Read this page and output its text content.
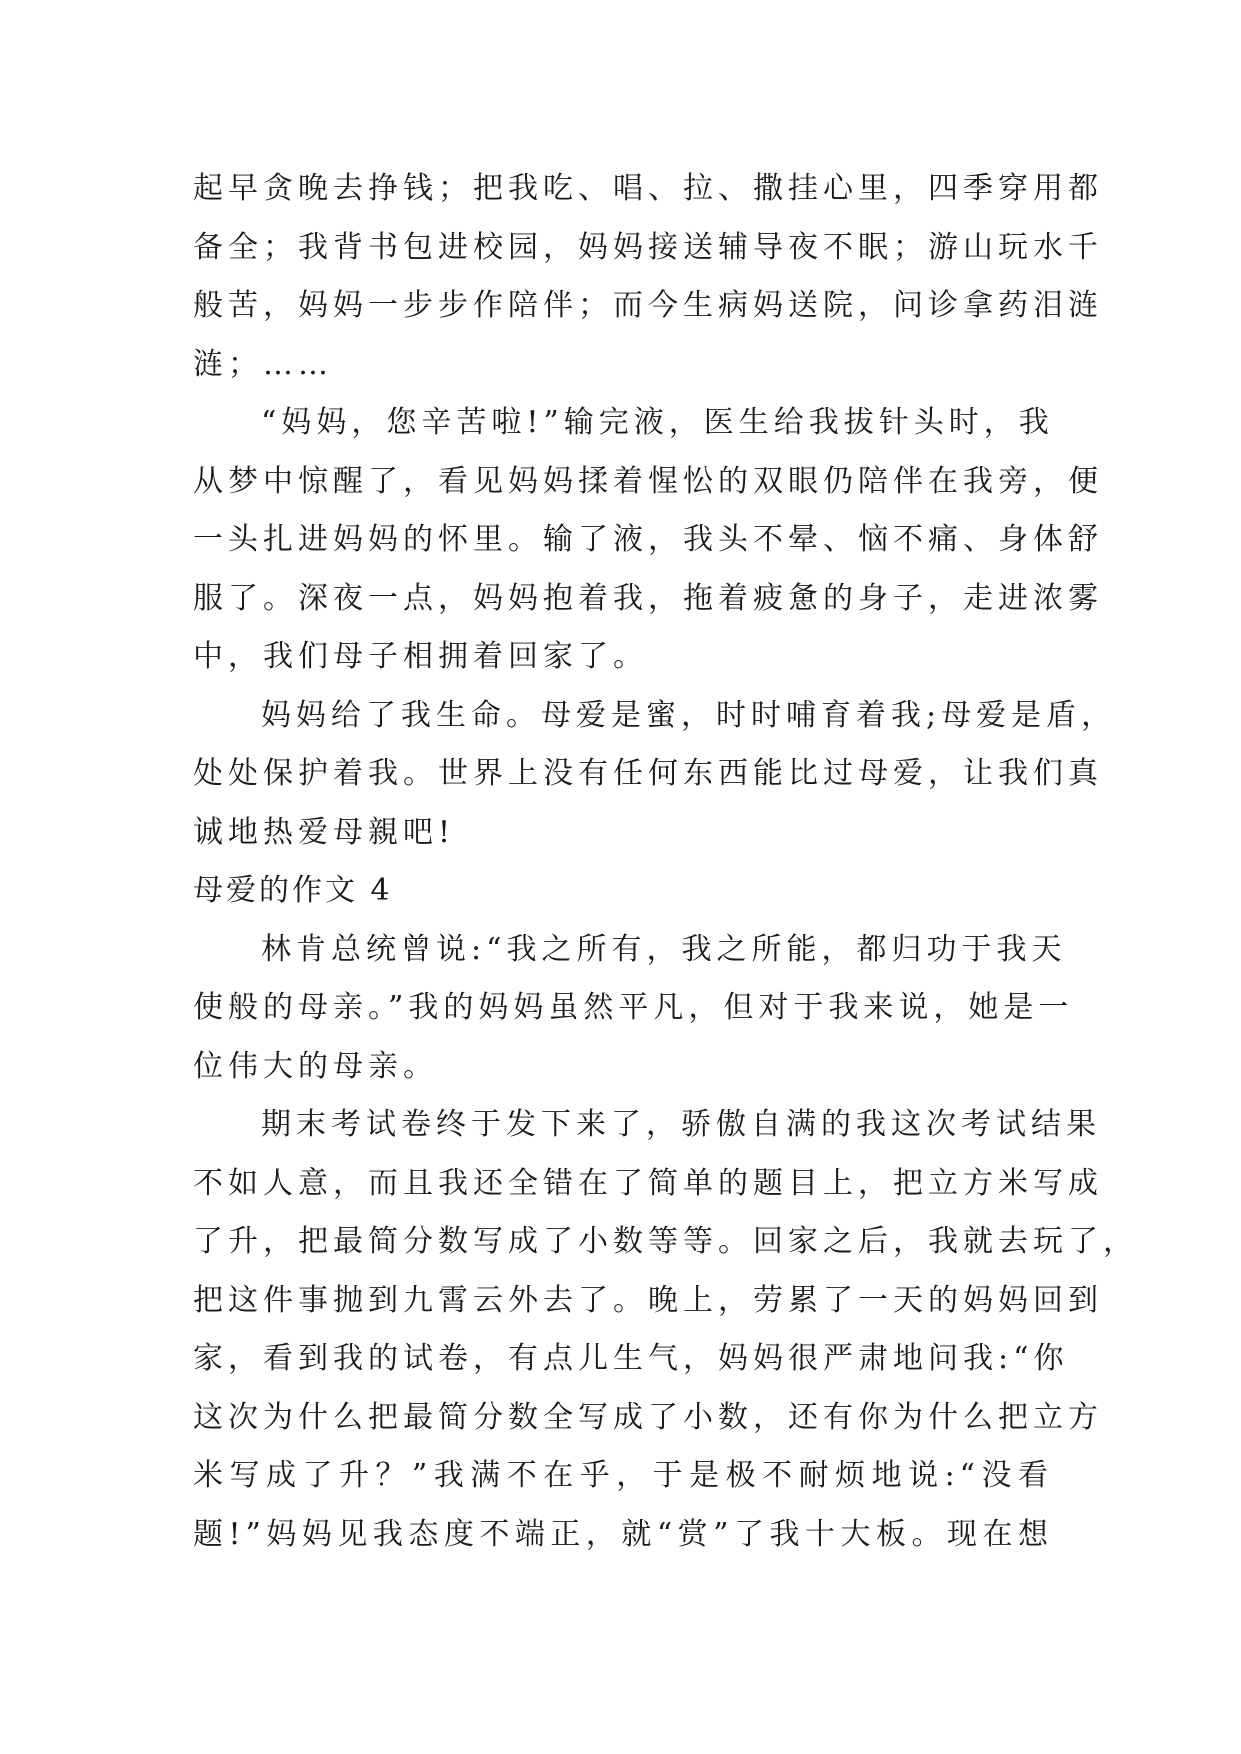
起早贪晚去挣钱；把我吃、唱、拉、撒挂心里，四季穿用都
备全；我背书包进校园，妈妈接送辅导夜不眠；游山玩水千
般苦，妈妈一步步作陪伴；而今生病妈送院，问诊拿药泪涟
涟；……
“妈妈，您辛苦啦!”输完液，医生给我拔针头时，我
从梦中惊醒了，看见妈妈揉着惺忪的双眼仍陪伴在我旁，便
一头扎进妈妈的怀里。输了液，我头不晕、恼不痛、身体舒
服了。深夜一点，妈妈抱着我，拖着疲惫的身子，走进浓雾
中，我们母子相拥着回家了。
妈妈给了我生命。母爱是蜜，时时哺育着我;母爱是盾，
处处保护着我。世界上没有任何东西能比过母爱，让我们真
诚地热爱母親吧!
母爱的作文 4
林肯总统曾说:“我之所有，我之所能，都归功于我天
使般的母亲。”我的妈妈虽然平凡，但对于我来说，她是一
位伟大的母亲。
期末考试卷终于发下来了，骄傲自满的我这次考试结果
不如人意，而且我还全错在了简单的题目上，把立方米写成
了升，把最简分数写成了小数等等。回家之后，我就去玩了，
把这件事抛到九霄云外去了。晚上，劳累了一天的妈妈回到
家，看到我的试卷，有点儿生气，妈妈很严肃地问我:“你
这次为什么把最简分数全写成了小数，还有你为什么把立方
米写成了升？”我满不在乎，于是极不耐烦地说:“没看
题!”妈妈见我态度不端正，就“赏”了我十大板。现在想
